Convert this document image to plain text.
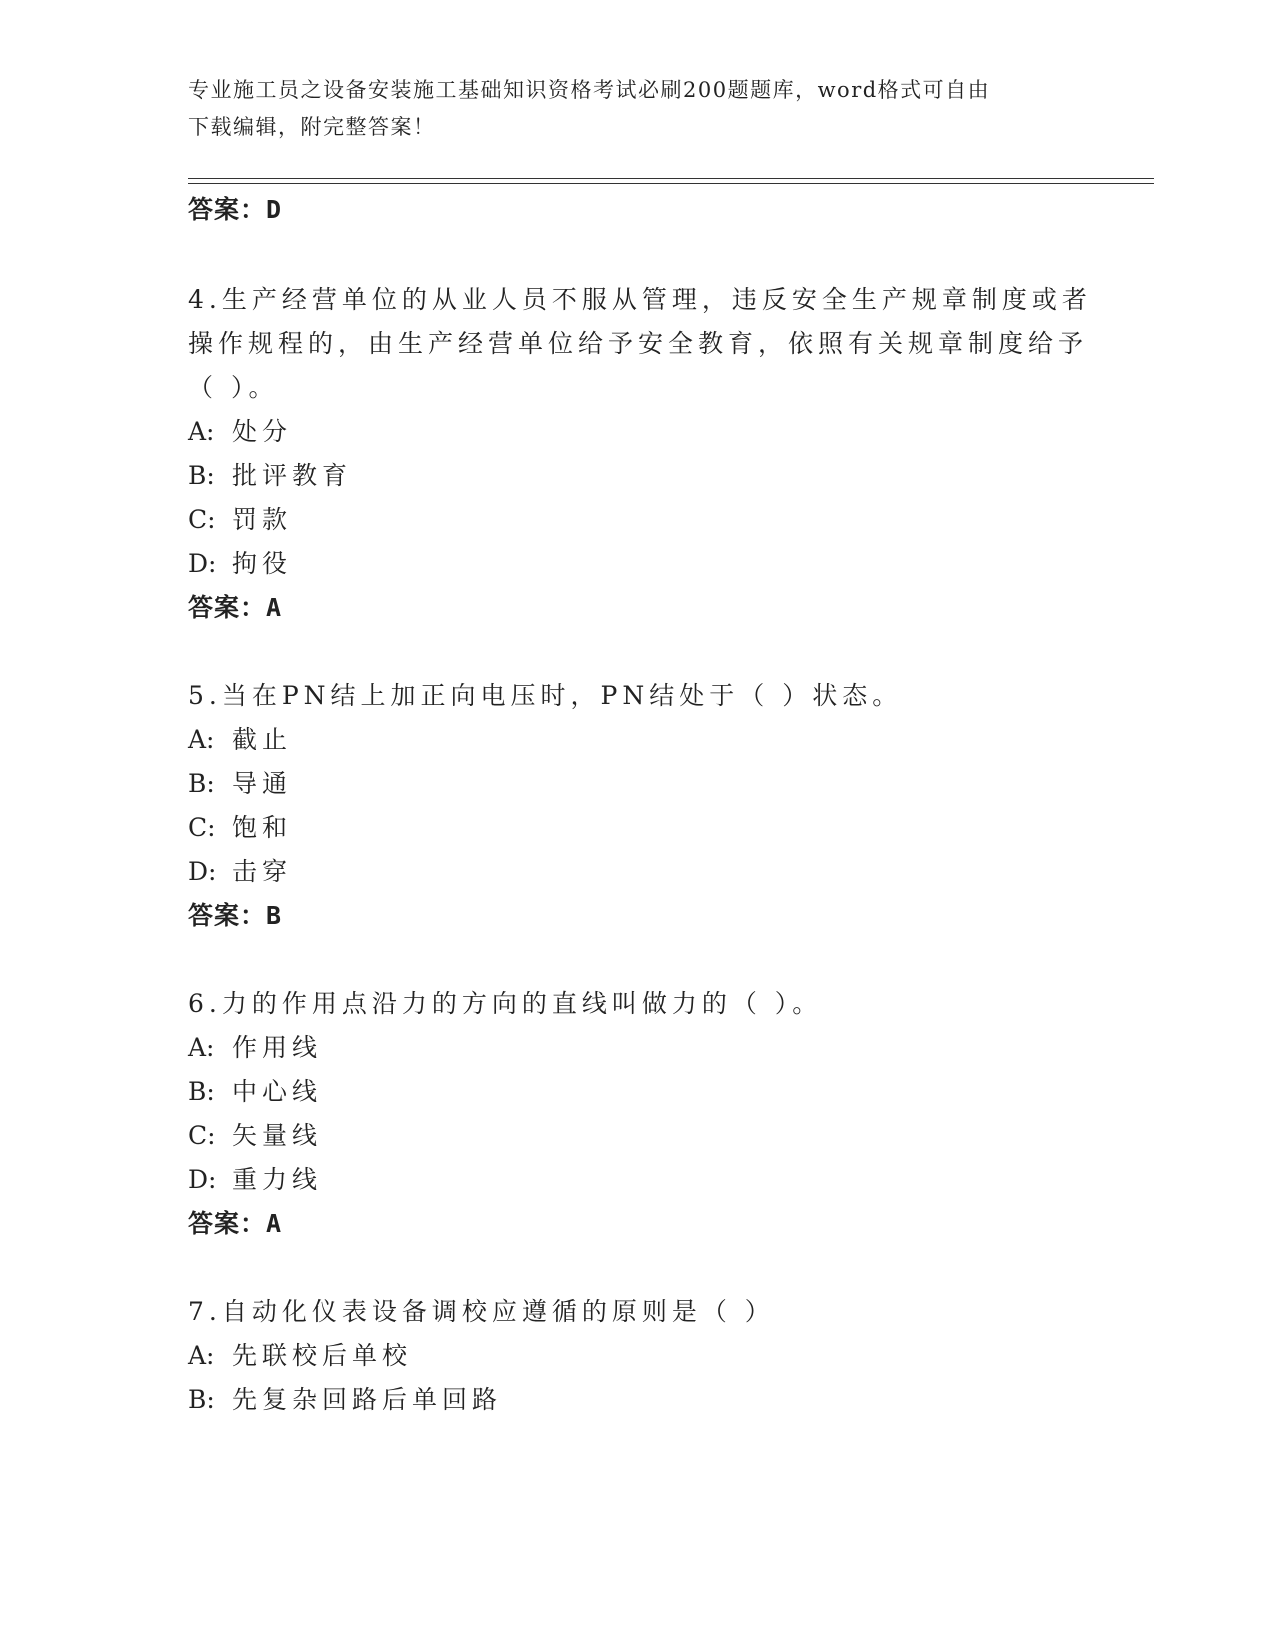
专业施工员之设备安装施工基础知识资格考试必刷200题题库，word格式可自由
下载编辑，附完整答案！
答案：D
4.生产经营单位的从业人员不服从管理，违反安全生产规章制度或者
操作规程的，由生产经营单位给予安全教育，依照有关规章制度给予
（ ）。
A: 处分
B: 批评教育
C: 罚款
D: 拘役
答案：A
5.当在PN结上加正向电压时，PN结处于（ ）状态。
A: 截止
B: 导通
C: 饱和
D: 击穿
答案：B
6.力的作用点沿力的方向的直线叫做力的（ ）。
A: 作用线
B: 中心线
C: 矢量线
D: 重力线
答案：A
7.自动化仪表设备调校应遵循的原则是（ ）
A: 先联校后单校
B: 先复杂回路后单回路
